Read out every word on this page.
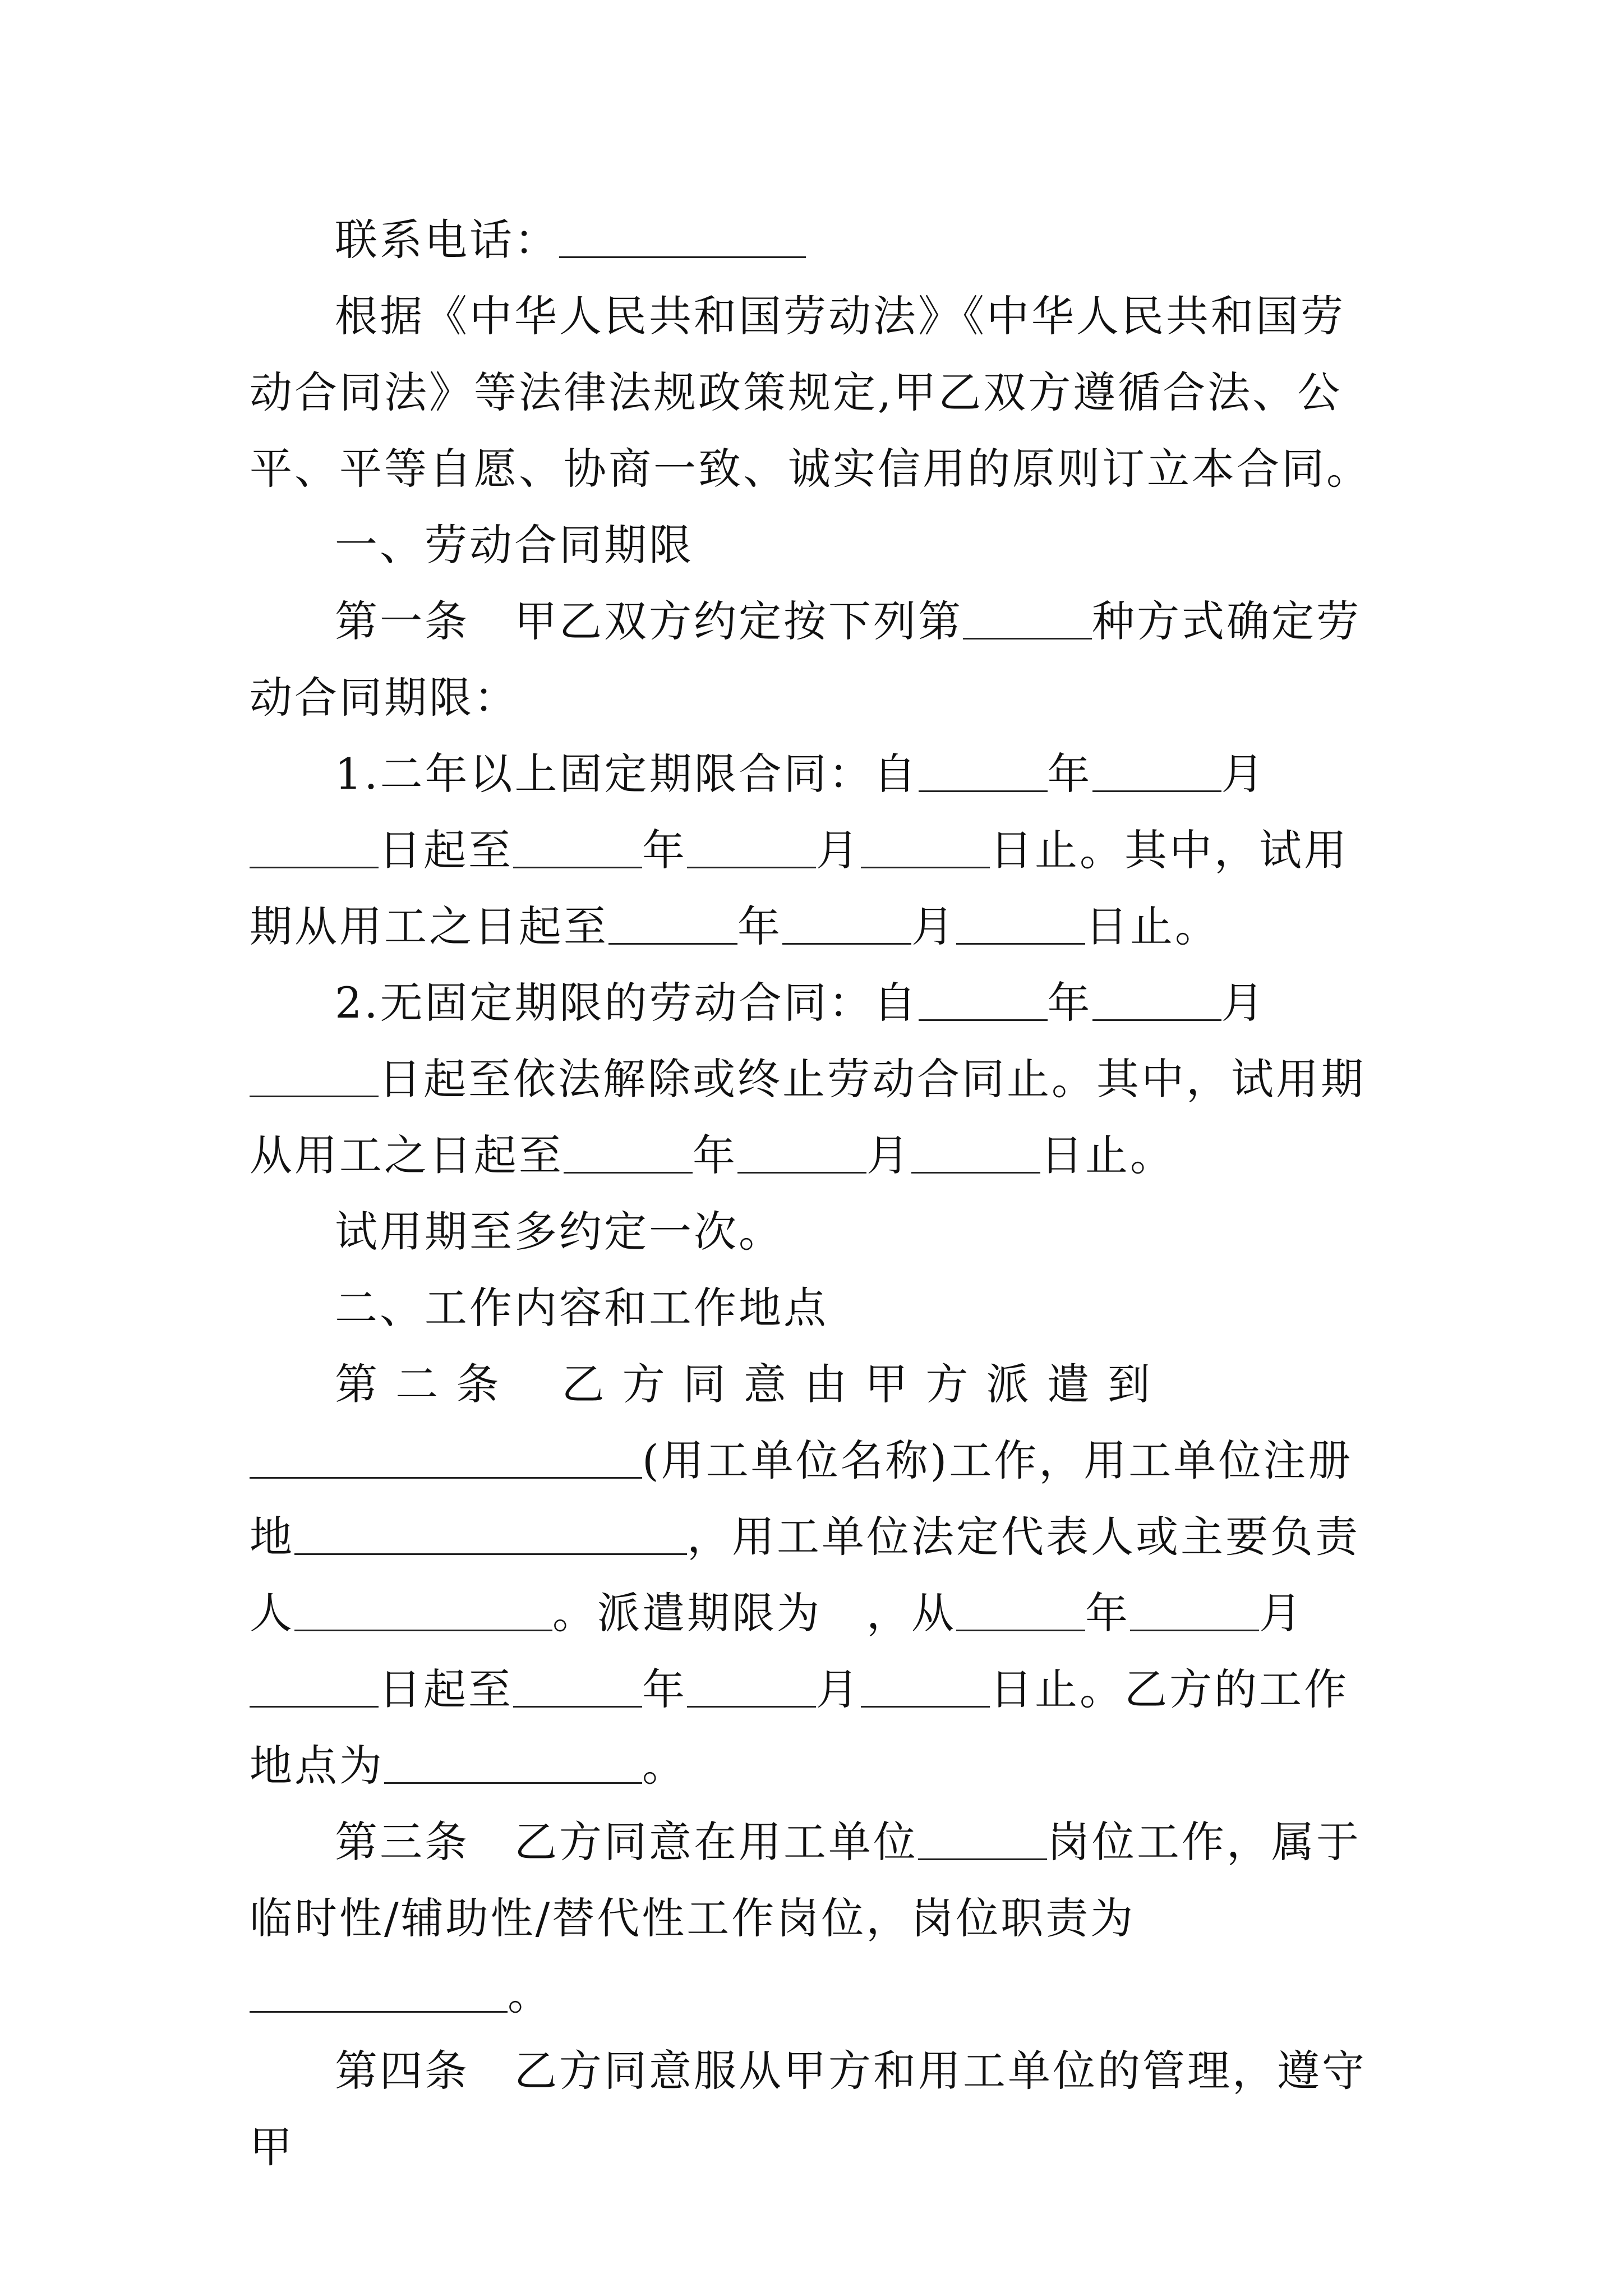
联系电话：

根据《中华人民共和国劳动法》《中华人民共和国劳动合同法》等法律法规政策规定,甲乙双方遵循合法、公平、平等自愿、协商一致、诚实信用的原则订立本合同。

一、劳动合同期限

第一条　甲乙双方约定按下列第	种方式确定劳动合同期限：

1.二年以上固定期限合同：自	年	月日起至	年	月	日止。其中，试用期从用工之日起至	年	月	日止。

2.无固定期限的劳动合同：自	年	月日起至依法解除或终止劳动合同止。其中，试用期从用工之日起至	年	月	日止。

试用期至多约定一次。

二、工作内容和工作地点

第 二 条　 乙 方 同 意 由 甲 方 派 遣 到(用工单位名称)工作，用工单位注册地	，用工单位法定代表人或主要负责人	。派遣期限为　，从	年	月日起至	年	月	日止。乙方的工作地点为	。

第三条　乙方同意在用工单位	岗位工作，属于临时性/辅助性/替代性工作岗位，岗位职责为。

第四条　乙方同意服从甲方和用工单位的管理，遵守甲
